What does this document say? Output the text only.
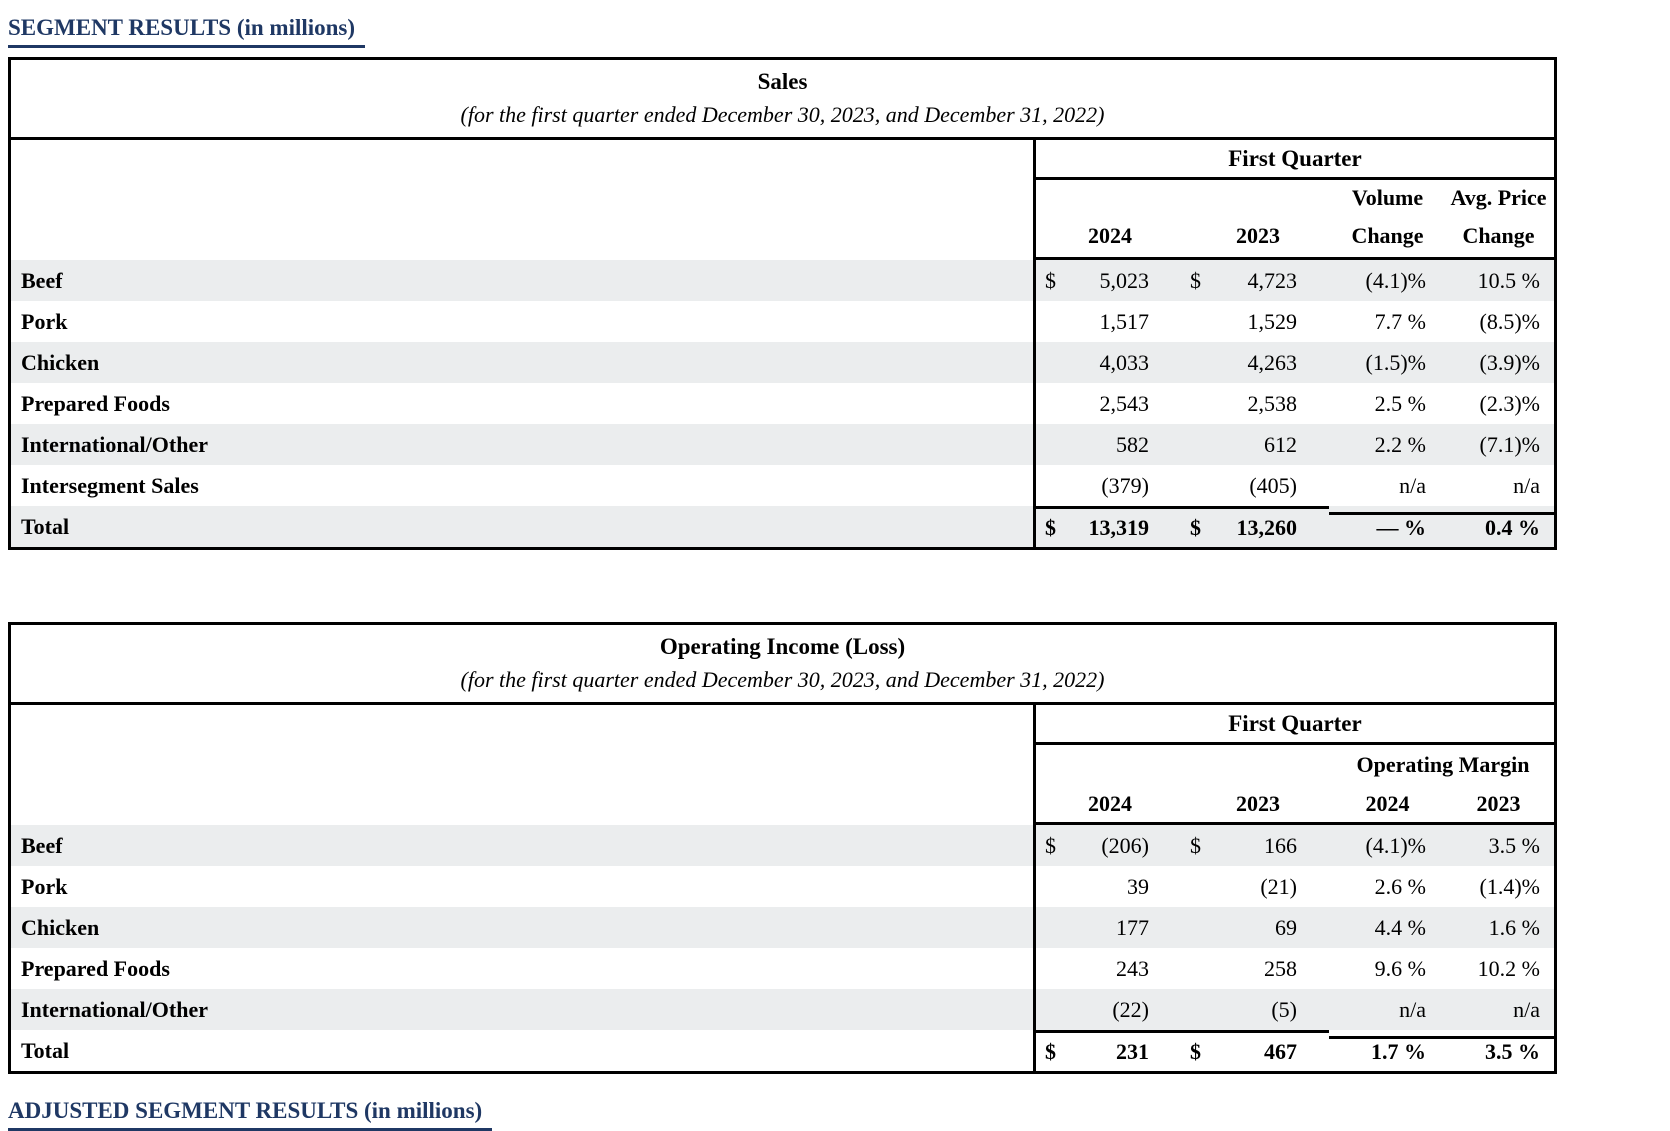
SEGMENT RESULTS (in millions)
Sales
(for the first quarter ended December 30, 2023, and December 31, 2022)
First Quarter
2024	2023
Volume
Change
Avg. Price
Change
Beef	$	5,023 $	4,723	(4.1)%	10.5 %
Pork	1,517	1,529	7.7 %	(8.5)%
Chicken	4,033	4,263	(1.5)%	(3.9)%
Prepared Foods	2,543	2,538	2.5 %	(2.3)%
International/Other	582	612	2.2 %	(7.1)%
Intersegment Sales	(379)	(405)	n/a	n/a
Total	$	13,319 $	13,260	— %	0.4 %
Operating Income (Loss)
(for the first quarter ended December 30, 2023, and December 31, 2022)
First Quarter
Operating Margin
2024	2023	2024	2023
Beef	$	(206) $	166	(4.1)%	3.5 %
Pork	39	(21)	2.6 %	(1.4)%
Chicken	177	69	4.4 %	1.6 %
Prepared Foods	243	258	9.6 %	10.2 %
International/Other	(22)	(5)	n/a	n/a
Total	$	231 $	467	1.7 %	3.5 %
ADJUSTED SEGMENT RESULTS (in millions)
